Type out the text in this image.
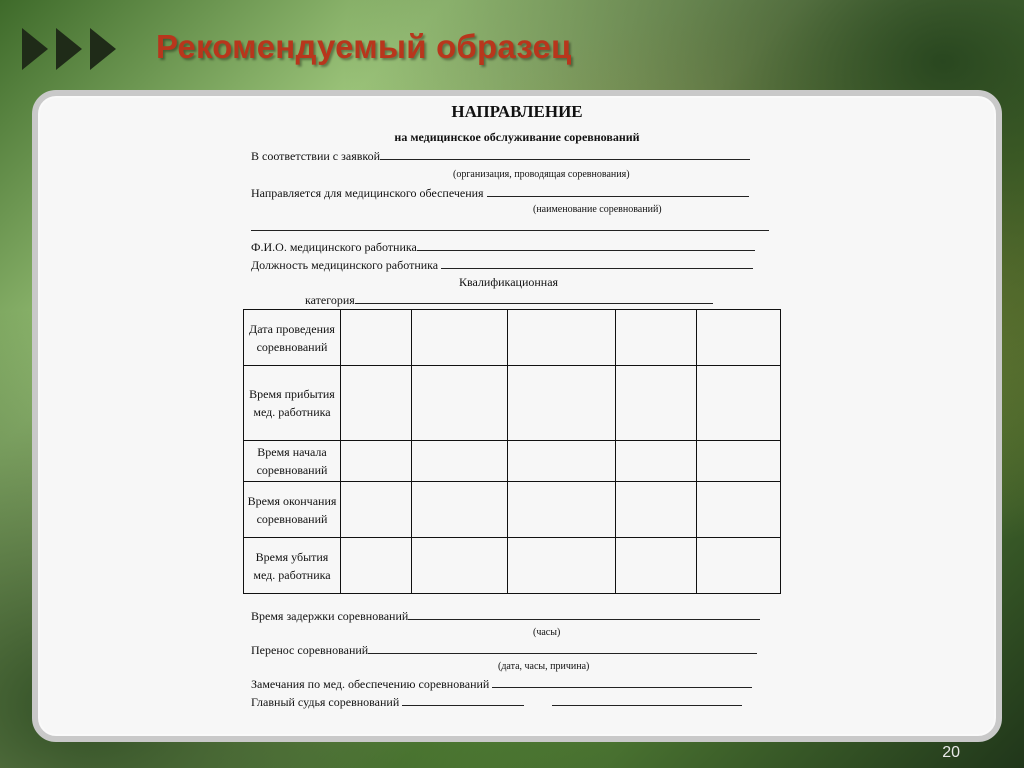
Рекомендуемый образец
НАПРАВЛЕНИЕ
на медицинское обслуживание соревнований
В соответствии с заявкой
(организация, проводящая соревнования)
Направляется для медицинского обеспечения
(наименование соревнований)
Ф.И.О. медицинского работника
Должность медицинского работника
Квалификационная
категория
Дата проведения соревнований					
Время прибытия мед. работника					
Время начала соревнований					
Время окончания соревнований					
Время убытия мед. работника					
Время задержки соревнований
(часы)
Перенос соревнований
(дата, часы, причина)
Замечания по мед. обеспечению соревнований
Главный судья соревнований
20
